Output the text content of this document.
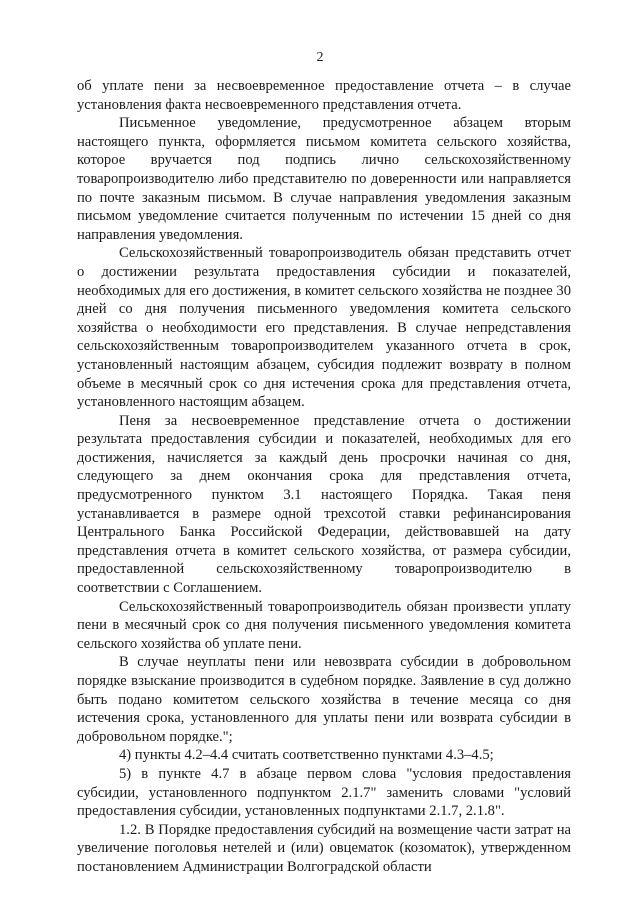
2

об уплате пени за несвоевременное предоставление отчета – в случае установления факта несвоевременного представления отчета.

Письменное уведомление, предусмотренное абзацем вторым настоящего пункта, оформляется письмом комитета сельского хозяйства, которое вручается под подпись лично сельскохозяйственному товаропроизводителю либо представителю по доверенности или направляется по почте заказным письмом. В случае направления уведомления заказным письмом уведомление считается полученным по истечении 15 дней со дня направления уведомления.

Сельскохозяйственный товаропроизводитель обязан представить отчет о достижении результата предоставления субсидии и показателей, необходимых для его достижения, в комитет сельского хозяйства не позднее 30 дней со дня получения письменного уведомления комитета сельского хозяйства о необходимости его представления. В случае непредставления сельскохозяйственным товаропроизводителем указанного отчета в срок, установленный настоящим абзацем, субсидия подлежит возврату в полном объеме в месячный срок со дня истечения срока для представления отчета, установленного настоящим абзацем.

Пеня за несвоевременное представление отчета о достижении результата предоставления субсидии и показателей, необходимых для его достижения, начисляется за каждый день просрочки начиная со дня, следующего за днем окончания срока для представления отчета, предусмотренного пунктом 3.1 настоящего Порядка. Такая пеня устанавливается в размере одной трехсотой ставки рефинансирования Центрального Банка Российской Федерации, действовавшей на дату представления отчета в комитет сельского хозяйства, от размера субсидии, предоставленной сельскохозяйственному товаропроизводителю в соответствии с Соглашением.

Сельскохозяйственный товаропроизводитель обязан произвести уплату пени в месячный срок со дня получения письменного уведомления комитета сельского хозяйства об уплате пени.

В случае неуплаты пени или невозврата субсидии в добровольном порядке взыскание производится в судебном порядке. Заявление в суд должно быть подано комитетом сельского хозяйства в течение месяца со дня истечения срока, установленного для уплаты пени или возврата субсидии в добровольном порядке.";

4) пункты 4.2–4.4 считать соответственно пунктами 4.3–4.5;

5) в пункте 4.7 в абзаце первом слова "условия предоставления субсидии, установленного подпунктом 2.1.7" заменить словами "условий предоставления субсидии, установленных подпунктами 2.1.7, 2.1.8".

1.2. В Порядке предоставления субсидий на возмещение части затрат на увеличение поголовья нетелей и (или) овцематок (козоматок), утвержденном постановлением Администрации Волгоградской области
